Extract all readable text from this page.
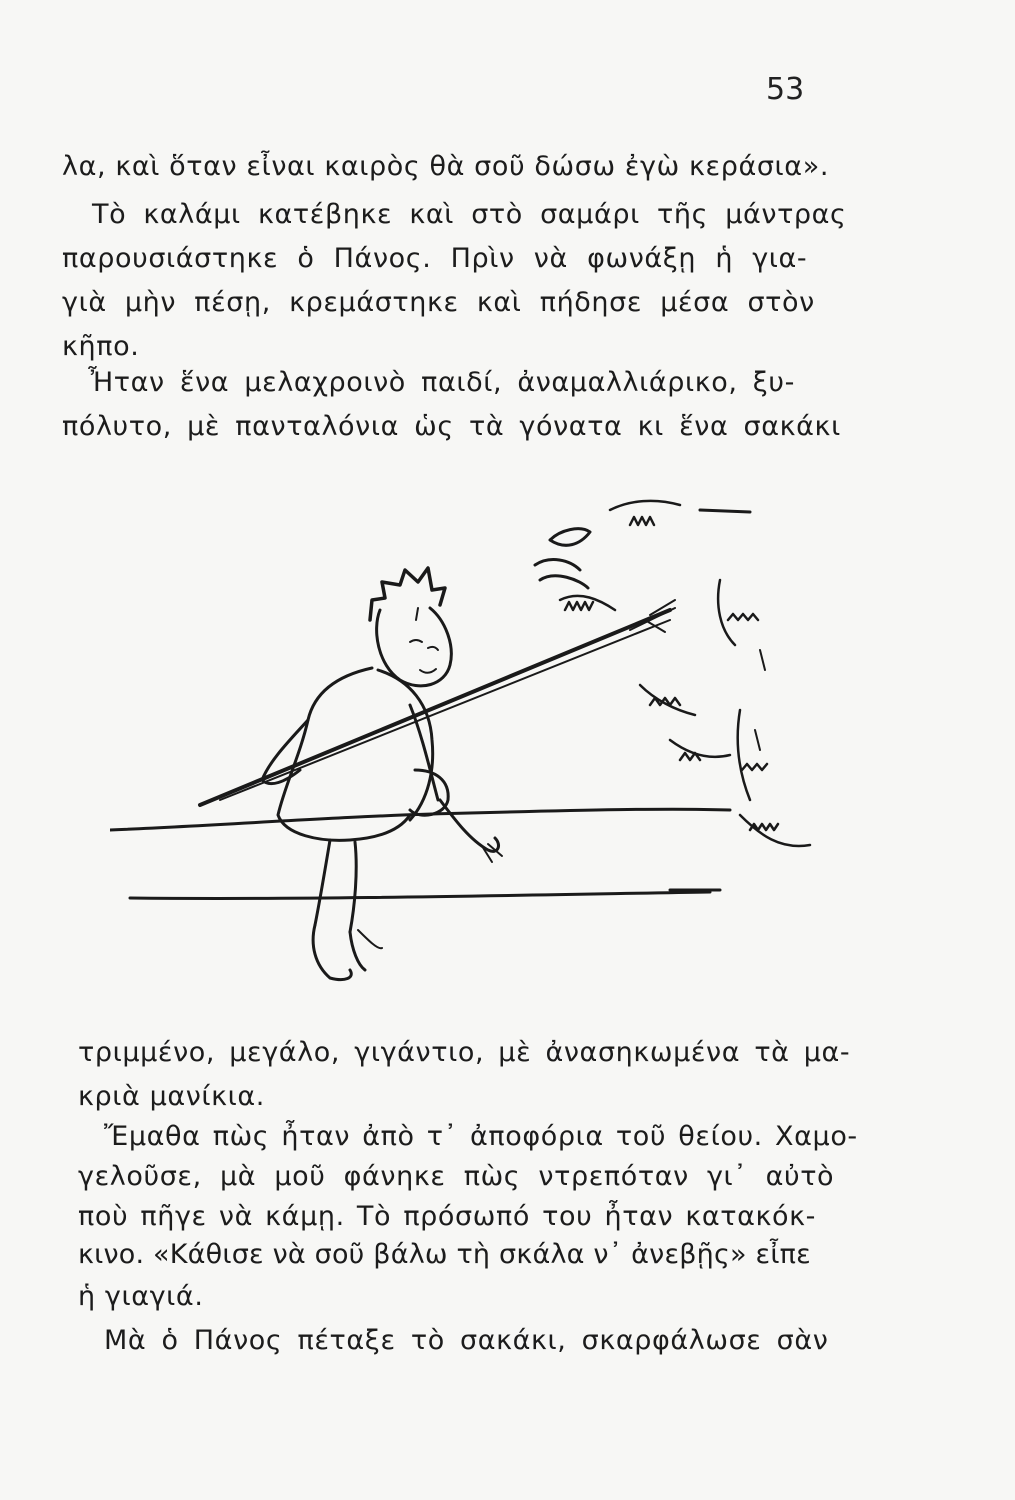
53
λα, καὶ ὅταν εἶναι καιρὸς θὰ σοῦ δώσω ἐγὼ κεράσια».
Τὸ καλάμι κατέβηκε καὶ στὸ σαμάρι τῆς μάντρας
παρουσιάστηκε ὁ Πάνος. Πρὶν νὰ φωνάξῃ ἡ για-
γιὰ μὴν πέσῃ, κρεμάστηκε καὶ πήδησε μέσα στὸν
κῆπο.
Ἦταν ἕνα μελαχροινὸ παιδί, ἀναμαλλιάρικο, ξυ-
πόλυτο, μὲ πανταλόνια ὡς τὰ γόνατα κι ἕνα σακάκι
τριμμένο, μεγάλο, γιγάντιο, μὲ ἀνασηκωμένα τὰ μα-
κριὰ μανίκια.
Ἔμαθα πὼς ἦταν ἀπὸ τ᾽ ἀποφόρια τοῦ θείου. Χαμο-
γελοῦσε, μὰ μοῦ φάνηκε πὼς ντρεπόταν γι᾽ αὐτὸ
ποὺ πῆγε νὰ κάμῃ. Τὸ πρόσωπό του ἦταν κατακόκ-
κινο. «Κάθισε νὰ σοῦ βάλω τὴ σκάλα ν᾽ ἀνεβῇς» εἶπε
ἡ γιαγιά.
Μὰ ὁ Πάνος πέταξε τὸ σακάκι, σκαρφάλωσε σὰν
